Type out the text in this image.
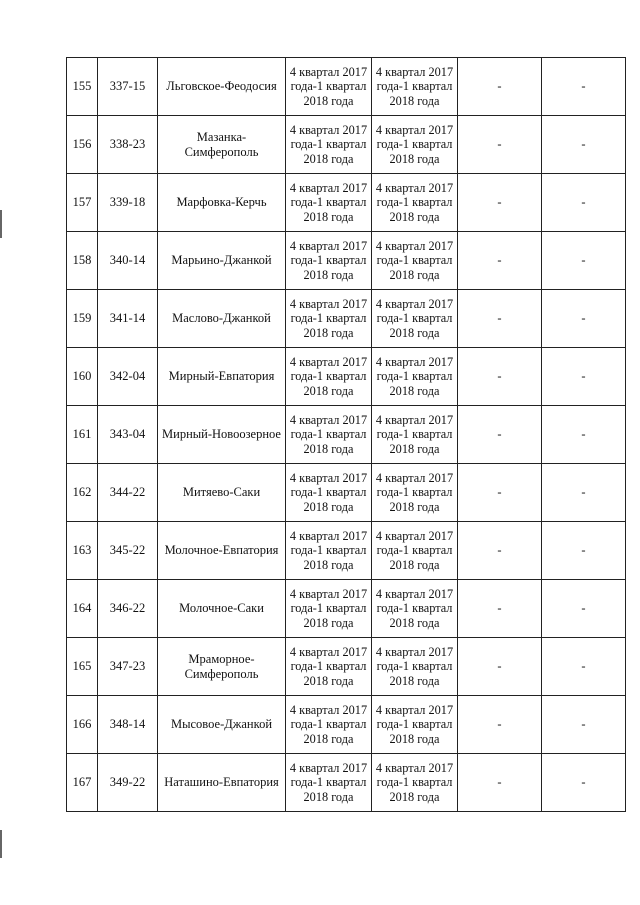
155	337-15	Льговское-Феодосия	4 квартал 2017 года-1 квартал 2018 года	4 квартал 2017 года-1 квартал 2018 года	-	-
156	338-23	Мазанка-Симферополь	4 квартал 2017 года-1 квартал 2018 года	4 квартал 2017 года-1 квартал 2018 года	-	-
157	339-18	Марфовка-Керчь	4 квартал 2017 года-1 квартал 2018 года	4 квартал 2017 года-1 квартал 2018 года	-	-
158	340-14	Марьино-Джанкой	4 квартал 2017 года-1 квартал 2018 года	4 квартал 2017 года-1 квартал 2018 года	-	-
159	341-14	Маслово-Джанкой	4 квартал 2017 года-1 квартал 2018 года	4 квартал 2017 года-1 квартал 2018 года	-	-
160	342-04	Мирный-Евпатория	4 квартал 2017 года-1 квартал 2018 года	4 квартал 2017 года-1 квартал 2018 года	-	-
161	343-04	Мирный-Новоозерное	4 квартал 2017 года-1 квартал 2018 года	4 квартал 2017 года-1 квартал 2018 года	-	-
162	344-22	Митяево-Саки	4 квартал 2017 года-1 квартал 2018 года	4 квартал 2017 года-1 квартал 2018 года	-	-
163	345-22	Молочное-Евпатория	4 квартал 2017 года-1 квартал 2018 года	4 квартал 2017 года-1 квартал 2018 года	-	-
164	346-22	Молочное-Саки	4 квартал 2017 года-1 квартал 2018 года	4 квартал 2017 года-1 квартал 2018 года	-	-
165	347-23	Мраморное-Симферополь	4 квартал 2017 года-1 квартал 2018 года	4 квартал 2017 года-1 квартал 2018 года	-	-
166	348-14	Мысовое-Джанкой	4 квартал 2017 года-1 квартал 2018 года	4 квартал 2017 года-1 квартал 2018 года	-	-
167	349-22	Наташино-Евпатория	4 квартал 2017 года-1 квартал 2018 года	4 квартал 2017 года-1 квартал 2018 года	-	-
